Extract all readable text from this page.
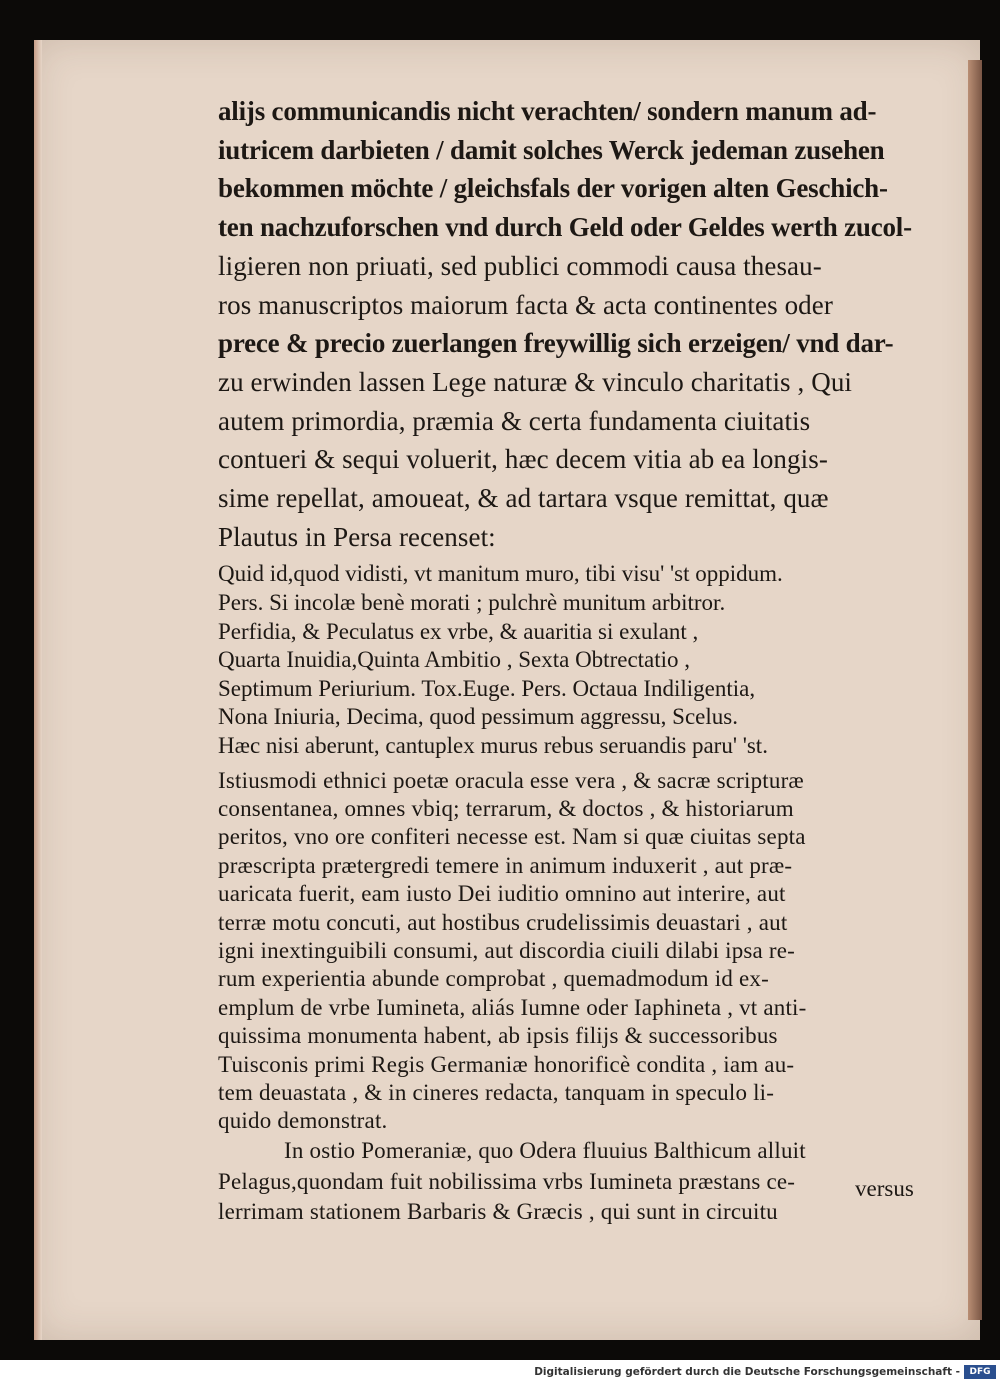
alijs communicandis nicht verachten/ sondern manum ad-
iutricem darbieten / damit solches Werck jedeman zusehen
bekommen möchte / gleichsfals der vorigen alten Geschich-
ten nachzuforschen vnd durch Geld oder Geldes werth zucol-
ligieren non priuati, sed publici commodi causa thesau-
ros manuscriptos maiorum facta & acta continentes oder
prece & precio zuerlangen freywillig sich erzeigen/ vnd dar-
zu erwinden lassen Lege naturæ & vinculo charitatis , Qui
autem primordia, præmia & certa fundamenta ciuitatis
contueri & sequi voluerit, hæc decem vitia ab ea longis-
sime repellat, amoueat, & ad tartara vsque remittat, quæ
Plautus in Persa recenset:
Quid id,quod vidisti, vt manitum muro, tibi visu' 'st oppidum.
Pers. Si incolæ benè morati ; pulchrè munitum arbitror.
Perfidia, & Peculatus ex vrbe, & auaritia si exulant ,
Quarta Inuidia,Quinta Ambitio , Sexta Obtrectatio ,
Septimum Periurium. Tox.Euge. Pers. Octaua Indiligentia,
Nona Iniuria, Decima, quod pessimum aggressu, Scelus.
Hæc nisi aberunt, cantuplex murus rebus seruandis paru' 'st.
Istiusmodi ethnici poetæ oracula esse vera , & sacræ scripturæ
consentanea, omnes vbiq; terrarum, & doctos , & historiarum
peritos, vno ore confiteri necesse est. Nam si quæ ciuitas septa
præscripta prætergredi temere in animum induxerit , aut præ-
uaricata fuerit, eam iusto Dei iuditio omnino aut interire, aut
terræ motu concuti, aut hostibus crudelissimis deuastari , aut
igni inextinguibili consumi, aut discordia ciuili dilabi ipsa re-
rum experientia abunde comprobat , quemadmodum id ex-
emplum de vrbe Iumineta, aliás Iumne oder Iaphineta , vt anti-
quissima monumenta habent, ab ipsis filijs & successoribus
Tuisconis primi Regis Germaniæ honorificè condita , iam au-
tem deuastata , & in cineres redacta, tanquam in speculo li-
quido demonstrat.
In ostio Pomeraniæ, quo Odera fluuius Balthicum alluit
Pelagus,quondam fuit nobilissima vrbs Iumineta præstans ce-
lerrimam stationem Barbaris & Græcis , qui sunt in circuitu
versus
Digitalisierung gefördert durch die Deutsche Forschungsgemeinschaft -	DFG
